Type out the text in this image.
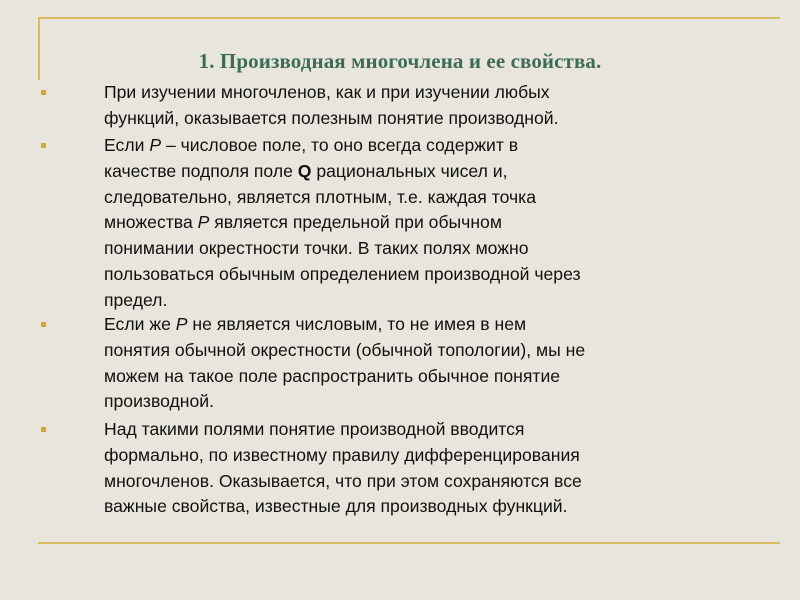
1. Производная многочлена и ее свойства.
При изучении многочленов, как и при изучении любых
функций, оказывается полезным понятие производной.
Если P – числовое поле, то оно всегда содержит в
качестве подполя поле Q рациональных чисел и,
следовательно, является плотным, т.е. каждая точка
множества P является предельной при обычном
понимании окрестности точки. В таких полях можно
пользоваться обычным определением производной через
предел.
Если же P не является числовым, то не имея в нем
понятия обычной окрестности (обычной топологии), мы не
можем на такое поле распространить обычное понятие
производной.
Над такими полями понятие производной вводится
формально, по известному правилу дифференцирования
многочленов. Оказывается, что при этом сохраняются все
важные свойства, известные для производных функций.
